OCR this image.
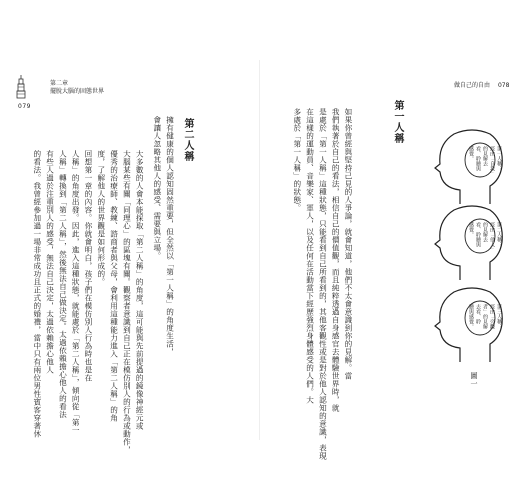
079
第二章
擺脫大腦的固態世界
擁有健康的個人認知固然重要，但全然以「第一人稱」的角度生活，
會讓人忽略其他人的感受、需要與立場。 第二人稱
大多數的人會本能採取「第二人稱」的角度，這可能與先前提過的鏡像神經元或
大腦某些有關「同理心」的區塊有關。觀察者意識到自己正在模仿別人的行為或動作，
優秀的治療師、教練、諮商者與父母，會利用這種能力進入「第二人稱」的角
度，了解他人的世界觀是如何形成的。
回想第一章的內容。你就會明白，孩子們在模仿別人行為時也是在
人稱」的角度出發。因此，進入這種狀態，就能處於「第二人稱」，傾向從「第一
人稱」轉換到「第二人稱」，然後無法自己做決定。太過依賴擔心他人的看法
有些人過於注重別人的感受，無法自己決定，太過依賴擔心他人
的看法。我曾經參加過一場非常成功且正式的婚禮，當中只有兩位男性賓客穿著休
做自己的自由 078
第一人稱
如果你曾經與堅持己見的人爭論，就會知道，他們不太會意識到你的見解。當
我們執著於自己的看法，相信自己的價值觀，而且純粹透過自身感官去體驗世界時，就
是處於「第一人稱」這種狀態，只能看到自己所看到的，其他客觀性或是對於他人認知的意識，表現
在這樣的運動員、音樂家、軍人，以及任何在活動當下經歷強烈身體感受的人們。大
多處於「第一人稱」的狀態。	第一人稱：
經由「自我」
的見解去
看、聆聽與
感覺。
第二人稱：
經由「他人」
的見解去
看、聆聽與
感覺。
第三人稱：
經由「旁觀
者」的見解
去看、聆
聽與感覺。
圖一
